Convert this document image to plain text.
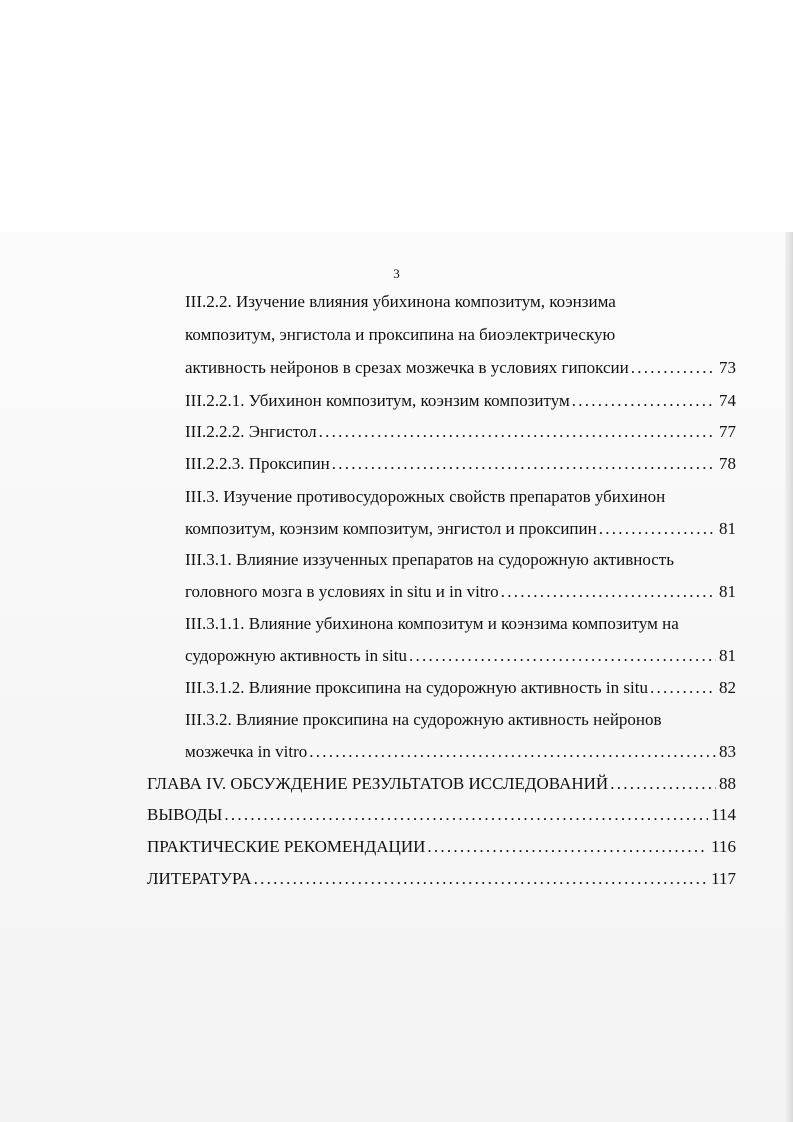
3
III.2.2. Изучение влияния убихинона композитум, коэнзима
композитум, энгистола и проксипина на биоэлектрическую
активность нейронов в срезах мозжечка в условиях гипоксии . . .	73
III.2.2.1. Убихинон композитум, коэнзим композитум . . .	74
III.2.2.2. Энгистол . . .	77
III.2.2.3. Проксипин . . .	78
III.3. Изучение противосудорожных свойств препаратов убихинон
композитум, коэнзим композитум, энгистол и проксипин . . .	81
III.3.1. Влияние иззученных препаратов на судорожную активность
головного мозга в условиях in situ и in vitro . . .	81
III.3.1.1. Влияние убихинона композитум и коэнзима композитум на
судорожную активность in situ . . .	81
III.3.1.2. Влияние проксипина на судорожную активность in situ . . .	82
III.3.2. Влияние проксипина на судорожную активность нейронов
мозжечка in vitro . . .	83
ГЛАВА IV. ОБСУЖДЕНИЕ РЕЗУЛЬТАТОВ ИССЛЕДОВАНИЙ . . .	88
ВЫВОДЫ . . .	114
ПРАКТИЧЕСКИЕ РЕКОМЕНДАЦИИ . . .	116
ЛИТЕРАТУРА . . .	117
